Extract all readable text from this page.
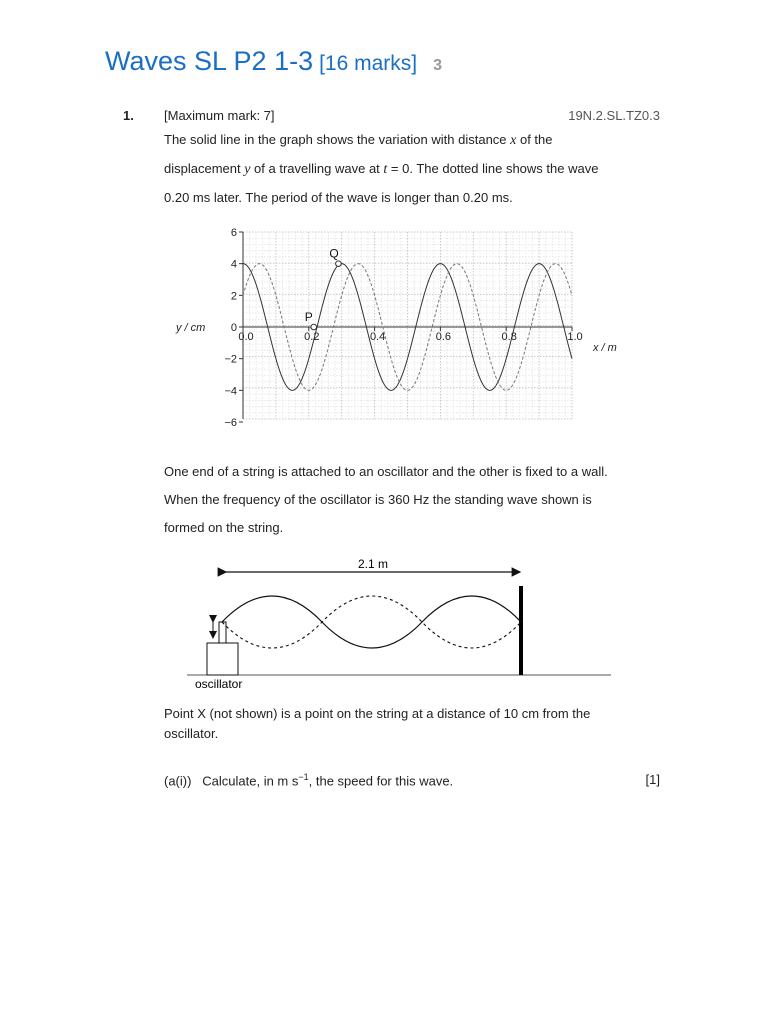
Waves SL P2 1-3 [16 marks] 3
1. [Maximum mark: 7]	19N.2.SL.TZ0.3
The solid line in the graph shows the variation with distance x of the displacement y of a travelling wave at t = 0. The dotted line shows the wave 0.20 ms later. The period of the wave is longer than 0.20 ms.
6
4
2
0
−2
−4
−6
0.0	0.2	0.4	0.6	0.8	1.0
y / cm
x / m
P
Q
One end of a string is attached to an oscillator and the other is fixed to a wall. When the frequency of the oscillator is 360 Hz the standing wave shown is formed on the string.
2.1 m
oscillator
Point X (not shown) is a point on the string at a distance of 10 cm from the oscillator.
(a(i)) Calculate, in m $s^{-1}$, the speed for this wave.	[1]
